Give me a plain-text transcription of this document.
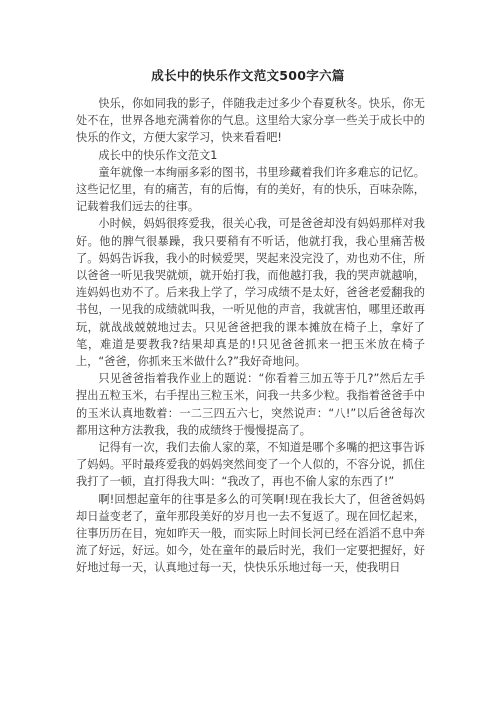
成长中的快乐作文范文500字六篇

快乐，你如同我的影子，伴随我走过多少个春夏秋冬。快乐，你无处不在，世界各地充满着你的气息。这里给大家分享一些关于成长中的快乐的作文，方便大家学习，快来看看吧!

成长中的快乐作文范文1

童年就像一本绚丽多彩的图书，书里珍藏着我们许多难忘的记忆。这些记忆里，有的痛苦，有的后悔，有的美好，有的快乐，百味杂陈，记载着我们远去的往事。

小时候，妈妈很疼爱我，很关心我，可是爸爸却没有妈妈那样对我好。他的脾气很暴躁，我只要稍有不听话，他就打我，我心里痛苦极了。妈妈告诉我，我小的时候爱哭，哭起来没完没了，劝也劝不住，所以爸爸一听见我哭就烦，就开始打我，而他越打我，我的哭声就越响，连妈妈也劝不了。后来我上学了，学习成绩不是太好，爸爸老爱翻我的书包，一见我的成绩就叫我，一听见他的声音，我就害怕，哪里还敢再玩，就战战兢兢地过去。只见爸爸把我的课本摊放在椅子上，拿好了笔，难道是要教我?结果却真是的!只见爸爸抓来一把玉米放在椅子上，“爸爸，你抓来玉米做什么?”我好奇地问。

只见爸爸指着我作业上的题说：“你看着三加五等于几?”然后左手捏出五粒玉米，右手捏出三粒玉米，问我一共多少粒。我指着爸爸手中的玉米认真地数着：一二三四五六七，突然说声：“八!”以后爸爸每次都用这种方法教我，我的成绩终于慢慢提高了。

记得有一次，我们去偷人家的菜，不知道是哪个多嘴的把这事告诉了妈妈。平时最疼爱我的妈妈突然间变了一个人似的，不容分说，抓住我打了一顿，直打得我大叫：“我改了，再也不偷人家的东西了!”

啊!回想起童年的往事是多么的可笑啊!现在我长大了，但爸爸妈妈却日益变老了，童年那段美好的岁月也一去不复返了。现在回忆起来，往事历历在目，宛如昨天一般，而实际上时间长河已经在滔滔不息中奔流了好远，好远。如今，处在童年的最后时光，我们一定要把握好，好好地过每一天，认真地过每一天，快快乐乐地过每一天，使我明日
